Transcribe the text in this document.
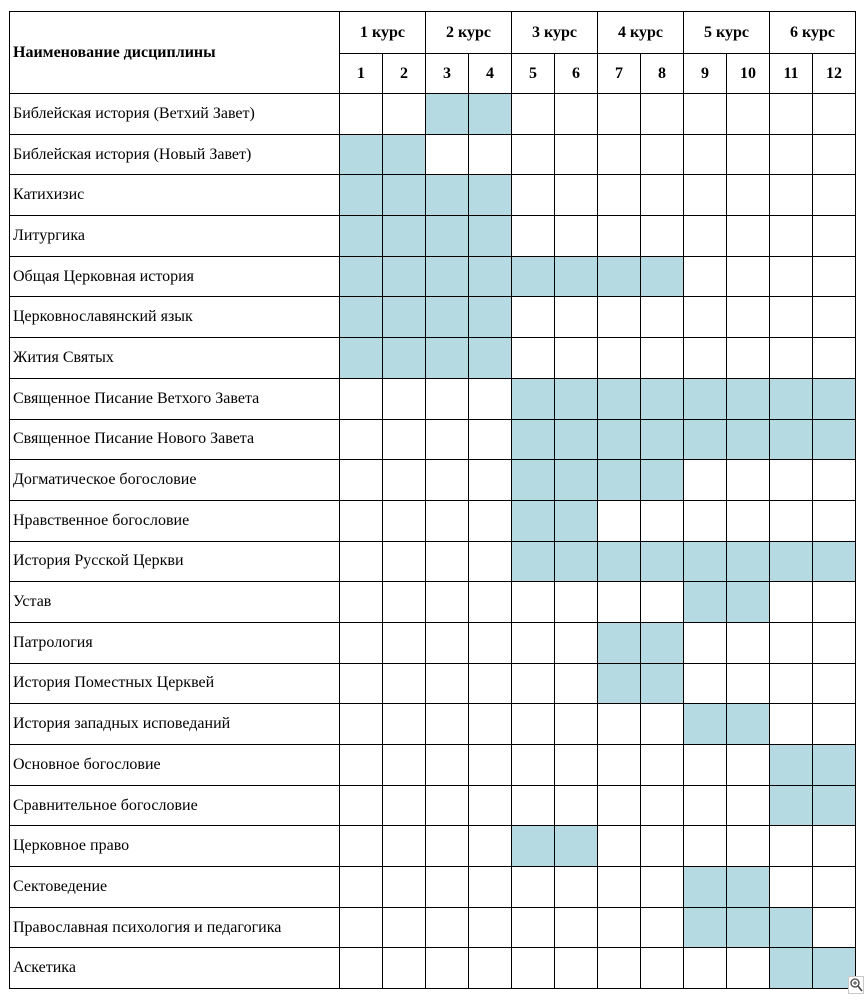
Наименование дисциплины	1 курс		2 курс		3 курс		4 курс		5 курс		6 курс	
	1	2	3	4	5	6	7	8	9	10	11	12
Библейская история (Ветхий Завет)												
Библейская история (Новый Завет)												
Катихизис												
Литургика												
Общая Церковная история												
Церковнославянский язык												
Жития Святых												
Священное Писание Ветхого Завета												
Священное Писание Нового Завета												
Догматическое богословие												
Нравственное богословие												
История Русской Церкви												
Устав												
Патрология												
История Поместных Церквей												
История западных исповеданий												
Основное богословие												
Сравнительное богословие												
Церковное право												
Сектоведение												
Православная психология и педагогика												
Аскетика												
